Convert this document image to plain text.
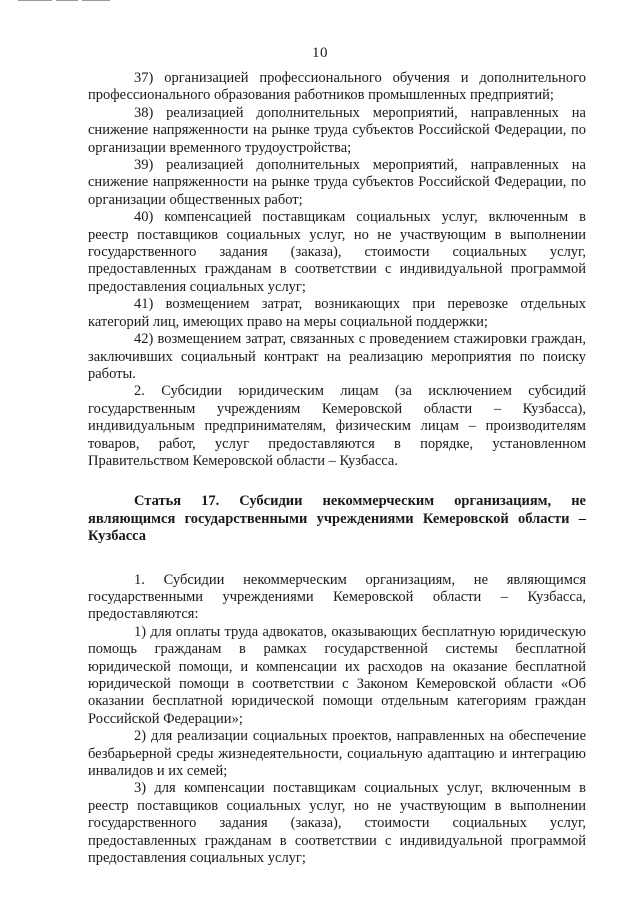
10

37) организацией профессионального обучения и дополнительного профессионального образования работников промышленных предприятий;

38) реализацией дополнительных мероприятий, направленных на снижение напряженности на рынке труда субъектов Российской Федерации, по организации временного трудоустройства;

39) реализацией дополнительных мероприятий, направленных на снижение напряженности на рынке труда субъектов Российской Федерации, по организации общественных работ;

40) компенсацией поставщикам социальных услуг, включенным в реестр поставщиков социальных услуг, но не участвующим в выполнении государственного задания (заказа), стоимости социальных услуг, предоставленных гражданам в соответствии с индивидуальной программой предоставления социальных услуг;

41) возмещением затрат, возникающих при перевозке отдельных категорий лиц, имеющих право на меры социальной поддержки;

42) возмещением затрат, связанных с проведением стажировки граждан, заключивших социальный контракт на реализацию мероприятия по поиску работы.

2. Субсидии юридическим лицам (за исключением субсидий государственным учреждениям Кемеровской области – Кузбасса), индивидуальным предпринимателям, физическим лицам – производителям товаров, работ, услуг предоставляются в порядке, установленном Правительством Кемеровской области – Кузбасса.

Статья 17. Субсидии некоммерческим организациям, не являющимся государственными учреждениями Кемеровской области – Кузбасса

1. Субсидии некоммерческим организациям, не являющимся государственными учреждениями Кемеровской области – Кузбасса, предоставляются:

1) для оплаты труда адвокатов, оказывающих бесплатную юридическую помощь гражданам в рамках государственной системы бесплатной юридической помощи, и компенсации их расходов на оказание бесплатной юридической помощи в соответствии с Законом Кемеровской области «Об оказании бесплатной юридической помощи отдельным категориям граждан Российской Федерации»;

2) для реализации социальных проектов, направленных на обеспечение безбарьерной среды жизнедеятельности, социальную адаптацию и интеграцию инвалидов и их семей;

3) для компенсации поставщикам социальных услуг, включенным в реестр поставщиков социальных услуг, но не участвующим в выполнении государственного задания (заказа), стоимости социальных услуг, предоставленных гражданам в соответствии с индивидуальной программой предоставления социальных услуг;
